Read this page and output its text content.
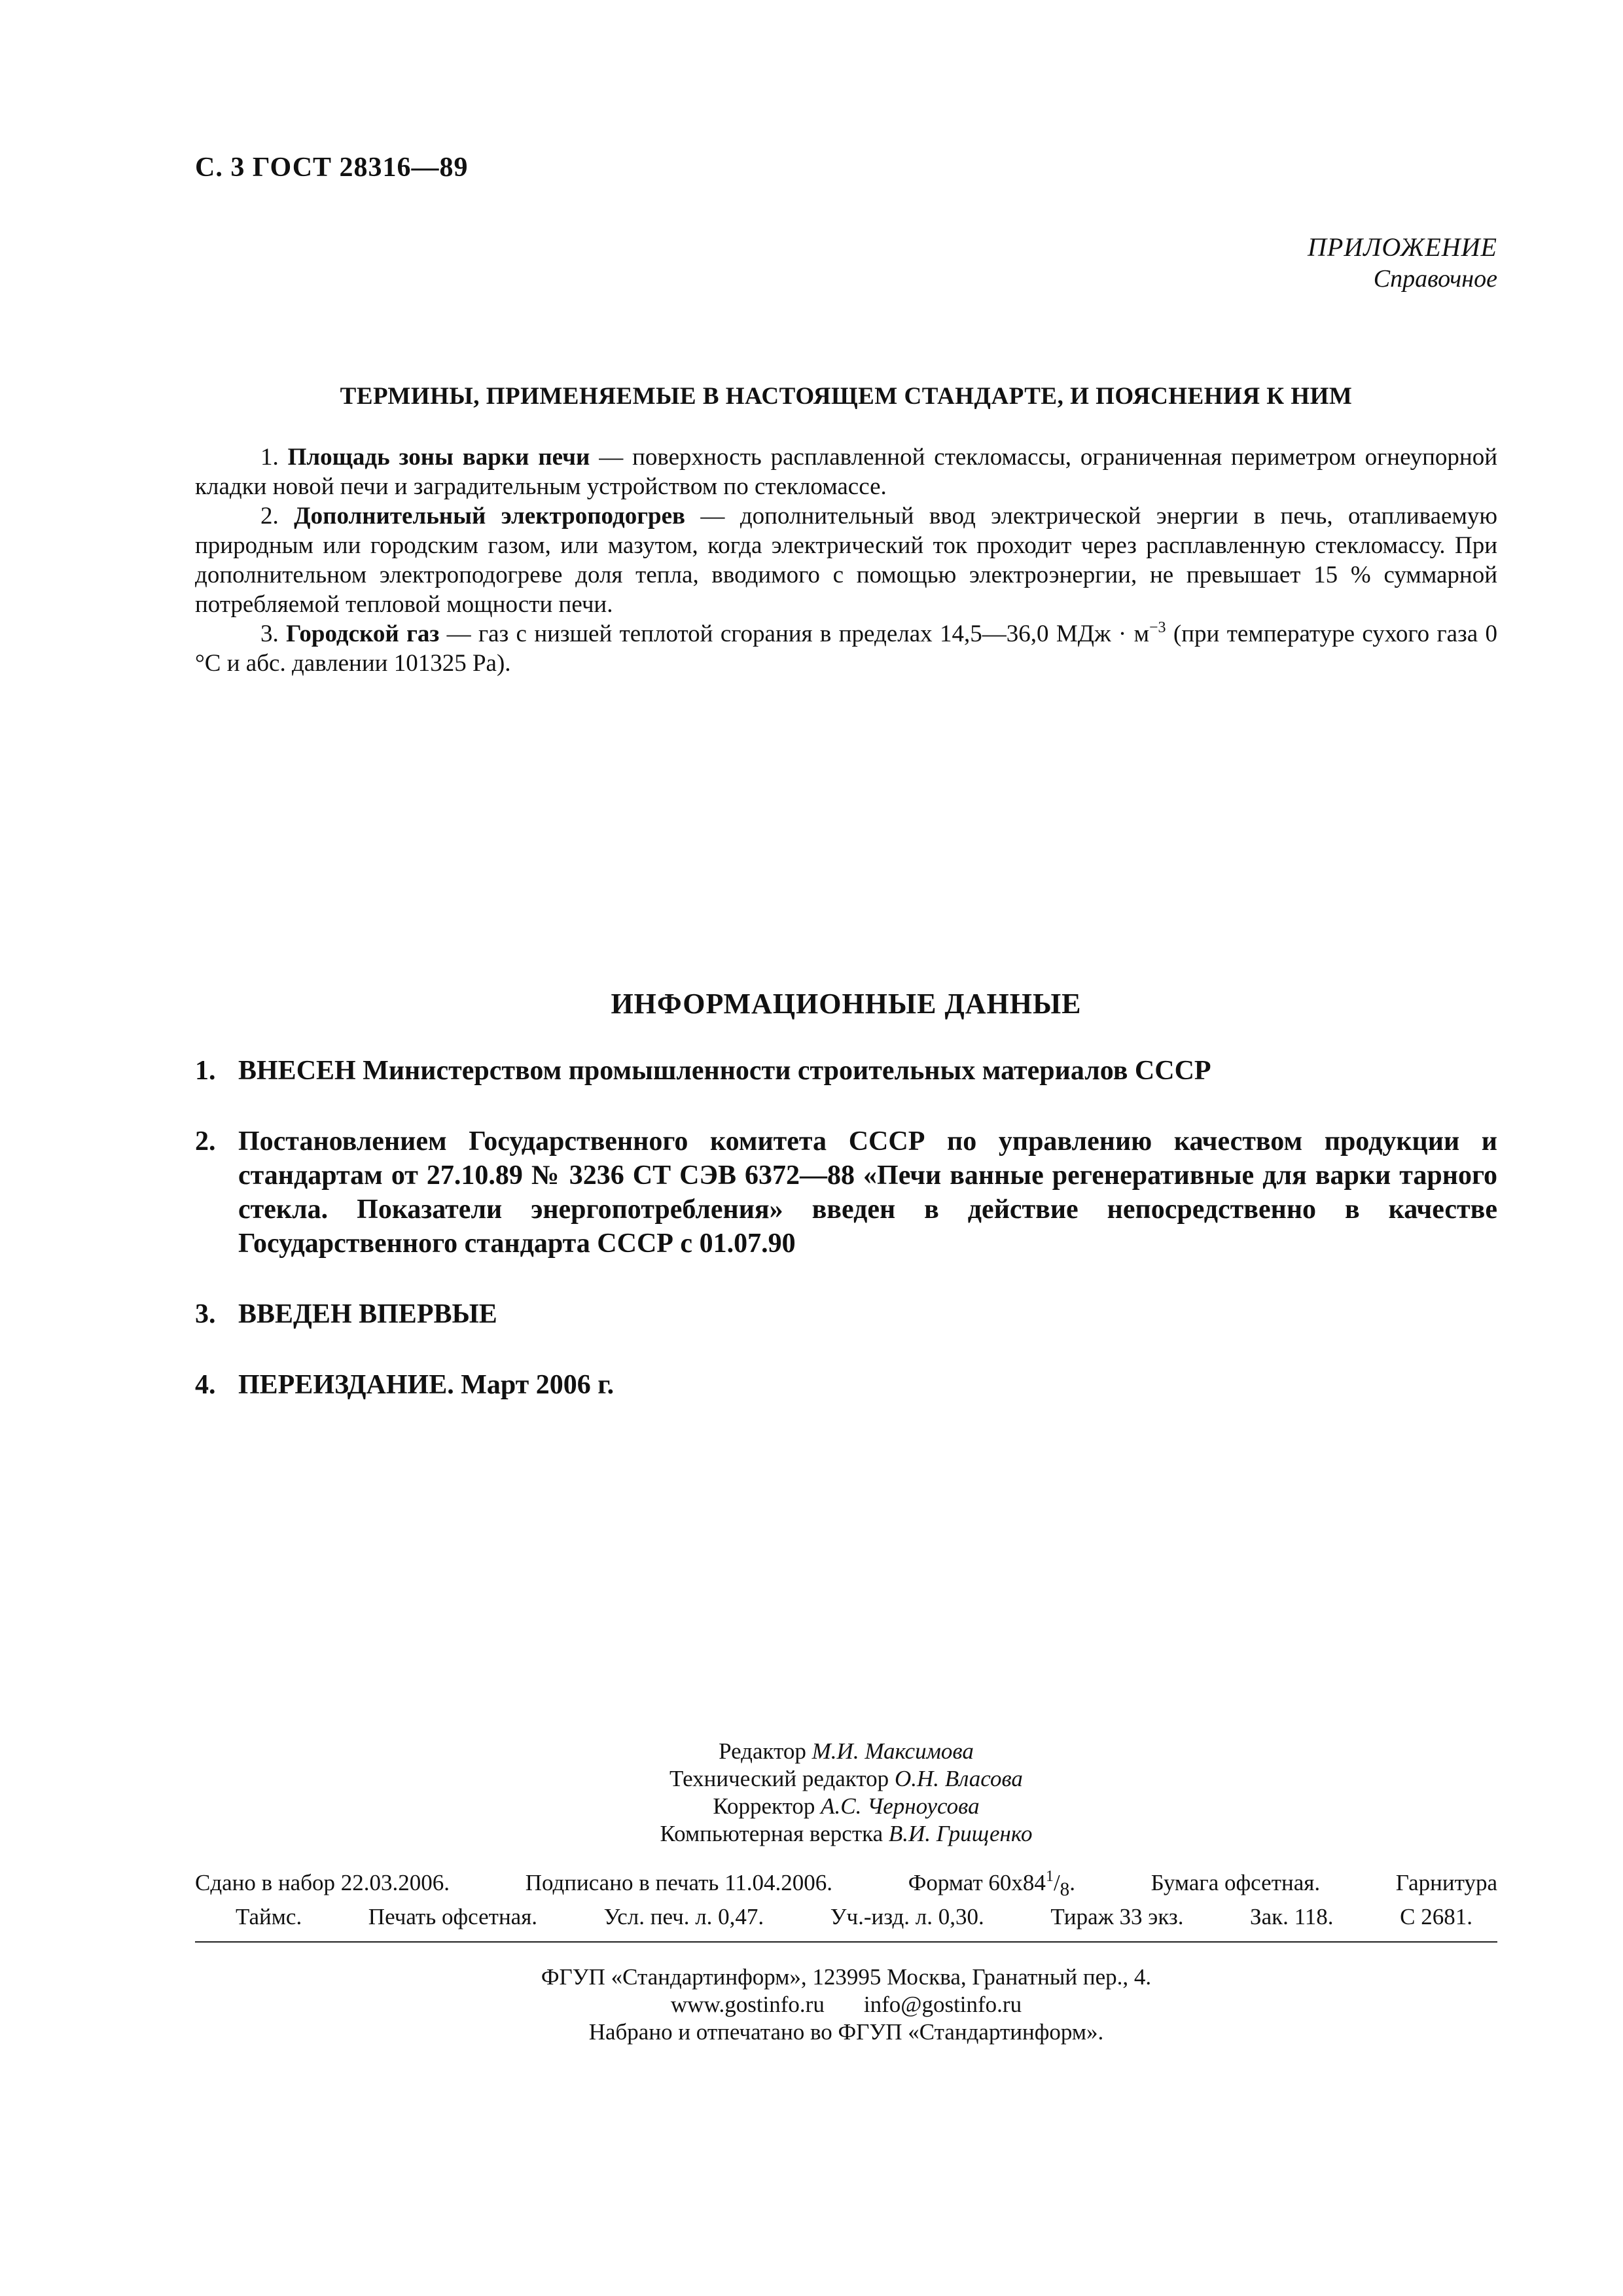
С. 3 ГОСТ 28316—89
ПРИЛОЖЕНИЕ
Справочное
ТЕРМИНЫ, ПРИМЕНЯЕМЫЕ В НАСТОЯЩЕМ СТАНДАРТЕ, И ПОЯСНЕНИЯ К НИМ

1. Площадь зоны варки печи — поверхность расплавленной стекломассы, ограниченная периметром огнеупорной кладки новой печи и заградительным устройством по стекломассе.

2. Дополнительный электроподогрев — дополнительный ввод электрической энергии в печь, отапливаемую природным или городским газом, или мазутом, когда электрический ток проходит через расплавленную стекломассу. При дополнительном электроподогреве доля тепла, вводимого с помощью электроэнергии, не превышает 15 % суммарной потребляемой тепловой мощности печи.

3. Городской газ — газ с низшей теплотой сгорания в пределах 14,5—36,0 МДж · $м^{-3}$ (при температуре сухого газа 0 °C и абс. давлении 101325 Pa).

ИНФОРМАЦИОННЫЕ ДАННЫЕ
1. ВНЕСЕН Министерством промышленности строительных материалов СССР
2. Постановлением Государственного комитета СССР по управлению качеством продукции и стандартам от 27.10.89 № 3236 СТ СЭВ 6372—88 «Печи ванные регенеративные для варки тарного стекла. Показатели энергопотребления» введен в действие непосредственно в качестве Государственного стандарта СССР с 01.07.90
3. ВВЕДЕН ВПЕРВЫЕ
4. ПЕРЕИЗДАНИЕ. Март 2006 г.
Редактор М.И. Максимова
Технический редактор О.Н. Власова
Корректор А.С. Черноусова
Компьютерная верстка В.И. Грищенко
Сдано в набор 22.03.2006.	Подписано в печать 11.04.2006.	Формат $60х84^1/_8$.	Бумага офсетная.	Гарнитура
Таймс.	Печать офсетная.	Усл. печ. л. 0,47.	Уч.-изд. л. 0,30.	Тираж 33 экз.	Зак. 118.	С 2681.
ФГУП «Стандартинформ», 123995 Москва, Гранатный пер., 4.
www.gostinfo.ru info@gostinfo.ru
Набрано и отпечатано во ФГУП «Стандартинформ».
